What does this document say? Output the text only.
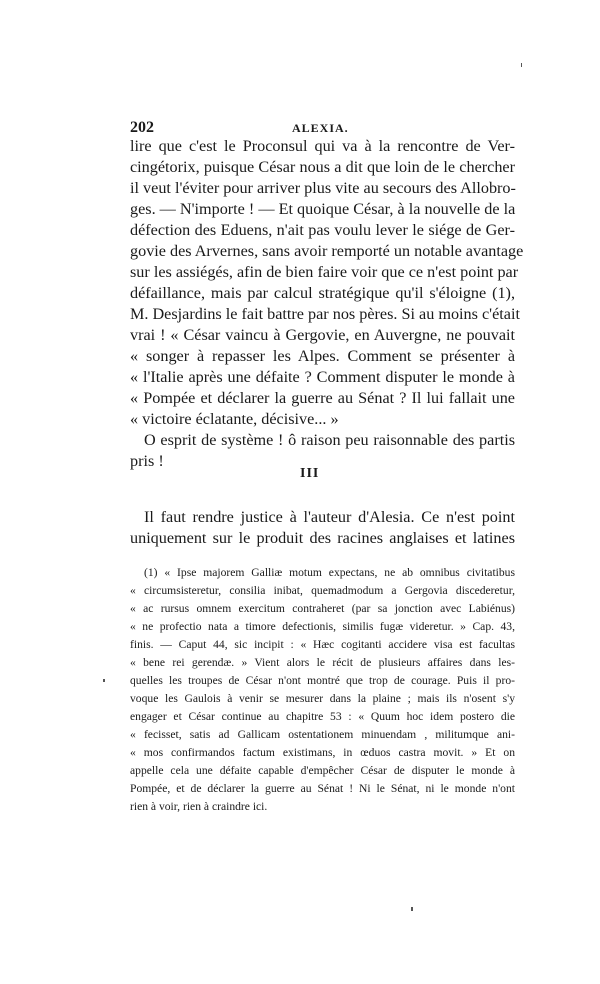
202	ALEXIA.
lire que c'est le Proconsul qui va à la rencontre de Ver-
cingétorix, puisque César nous a dit que loin de le chercher
il veut l'éviter pour arriver plus vite au secours des Allobro-
ges. — N'importe ! — Et quoique César, à la nouvelle de la
défection des Eduens, n'ait pas voulu lever le siége de Ger-
govie des Arvernes, sans avoir remporté un notable avantage
sur les assiégés, afin de bien faire voir que ce n'est point par
défaillance, mais par calcul stratégique qu'il s'éloigne (1),
M. Desjardins le fait battre par nos pères. Si au moins c'était
vrai ! « César vaincu à Gergovie, en Auvergne, ne pouvait
« songer à repasser les Alpes. Comment se présenter à
« l'Italie après une défaite ? Comment disputer le monde à
« Pompée et déclarer la guerre au Sénat ? Il lui fallait une
« victoire éclatante, décisive... »
O esprit de système ! ô raison peu raisonnable des partis
pris !
III
Il faut rendre justice à l'auteur d'Alesia. Ce n'est point
uniquement sur le produit des racines anglaises et latines
(1) « Ipse majorem Galliæ motum expectans, ne ab omnibus civitatibus
« circumsisteretur, consilia inibat, quemadmodum a Gergovia discederetur,
« ac rursus omnem exercitum contraheret (par sa jonction avec Labiénus)
« ne profectio nata a timore defectionis, similis fugæ videretur. » Cap. 43,
finis. — Caput 44, sic incipit : « Hæc cogitanti accidere visa est facultas
« bene rei gerendæ. » Vient alors le récit de plusieurs affaires dans les-
quelles les troupes de César n'ont montré que trop de courage. Puis il pro-
voque les Gaulois à venir se mesurer dans la plaine ; mais ils n'osent s'y
engager et César continue au chapitre 53 : « Quum hoc idem postero die
« fecisset, satis ad Gallicam ostentationem minuendam , militumque ani-
« mos confirmandos factum existimans, in œduos castra movit. » Et on
appelle cela une défaite capable d'empêcher César de disputer le monde à
Pompée, et de déclarer la guerre au Sénat ! Ni le Sénat, ni le monde n'ont
rien à voir, rien à craindre ici.
